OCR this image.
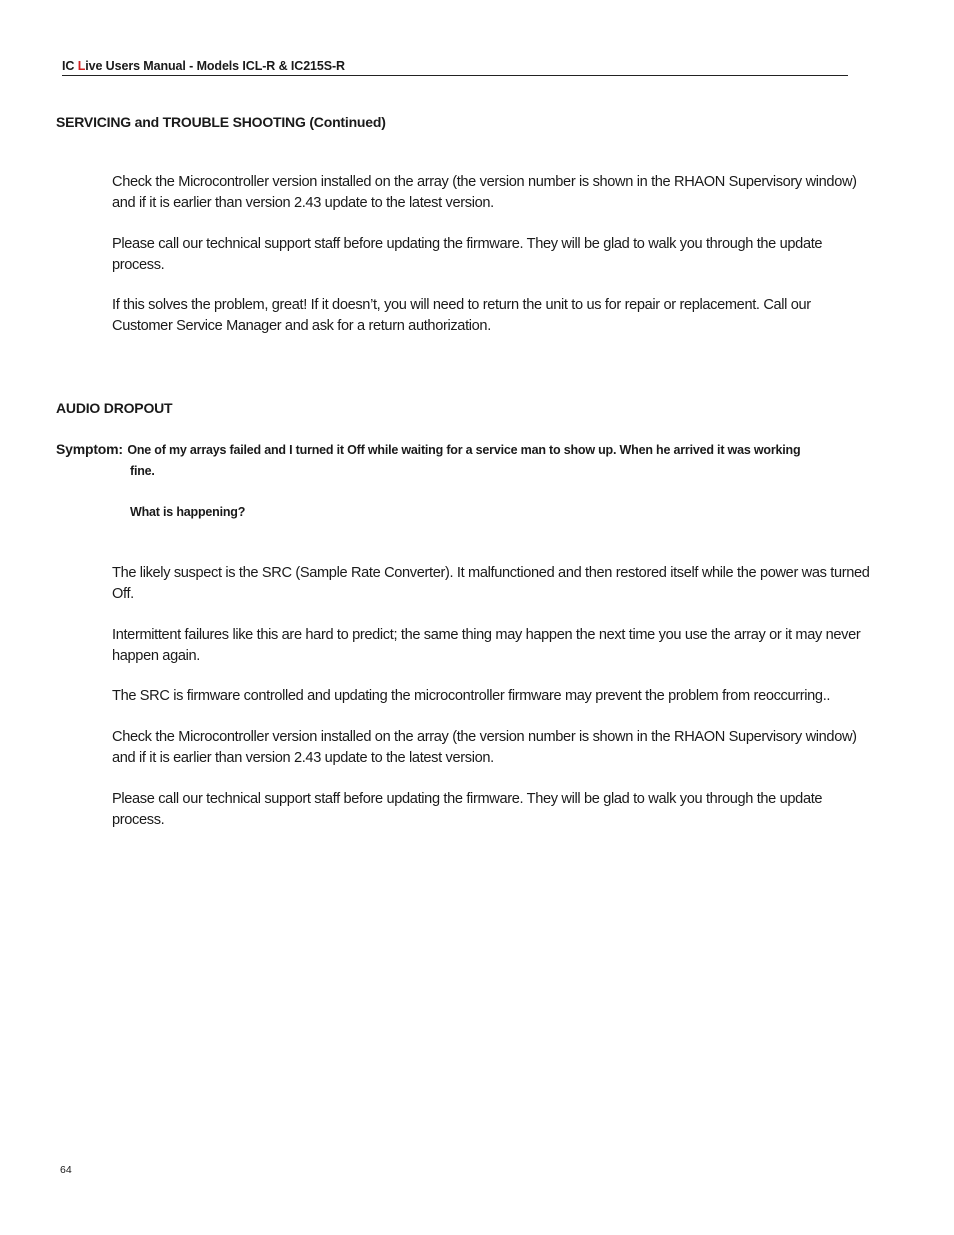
IC Live Users Manual - Models ICL-R & IC215S-R
SERVICING and TROUBLE SHOOTING (Continued)

Check the Microcontroller version installed on the array (the version number is shown in the RHAON Supervisory window) and if it is earlier than version 2.43 update to the latest version.

Please call our technical support staff before updating the firmware. They will be glad to walk you through the update process.

If this solves the problem, great! If it doesn’t, you will need to return the unit to us for repair or replacement. Call our Customer Service Manager and ask for a return authorization.

AUDIO DROPOUT

Symptom: One of my arrays failed and I turned it Off while waiting for a service man to show up. When he arrived it was working

fine.

What is happening?

The likely suspect is the SRC (Sample Rate Converter). It malfunctioned and then restored itself while the power was turned Off.

Intermittent failures like this are hard to predict; the same thing may happen the next time you use the array or it may never happen again.

The SRC is firmware controlled and updating the microcontroller firmware may prevent the problem from reoccurring..

Check the Microcontroller version installed on the array (the version number is shown in the RHAON Supervisory window) and if it is earlier than version 2.43 update to the latest version.

Please call our technical support staff before updating the firmware. They will be glad to walk you through the update process.

64
